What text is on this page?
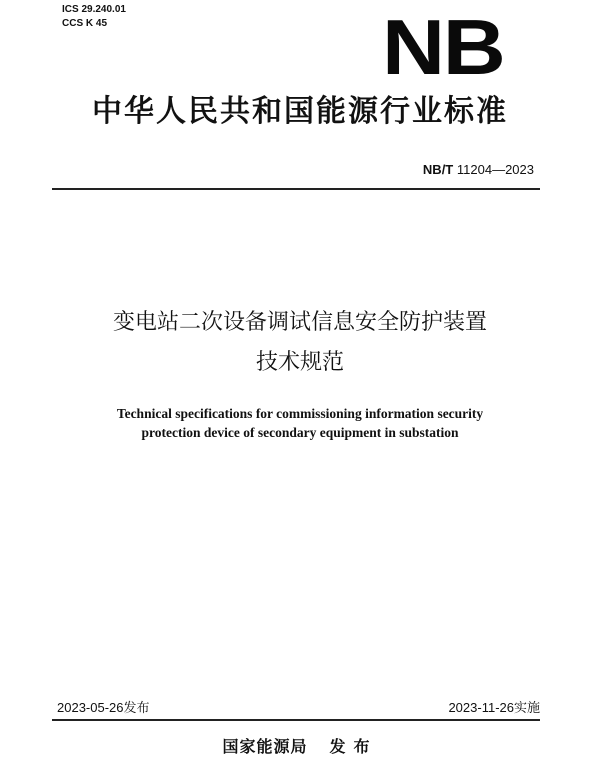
ICS 29.240.01
CCS K 45	NB
中华人民共和国能源行业标准
NB/T 11204—2023
变电站二次设备调试信息安全防护装置
技术规范
Technical specifications for commissioning information security
protection device of secondary equipment in substation
2023-05-26发布	2023-11-26实施
国家能源局 发布
